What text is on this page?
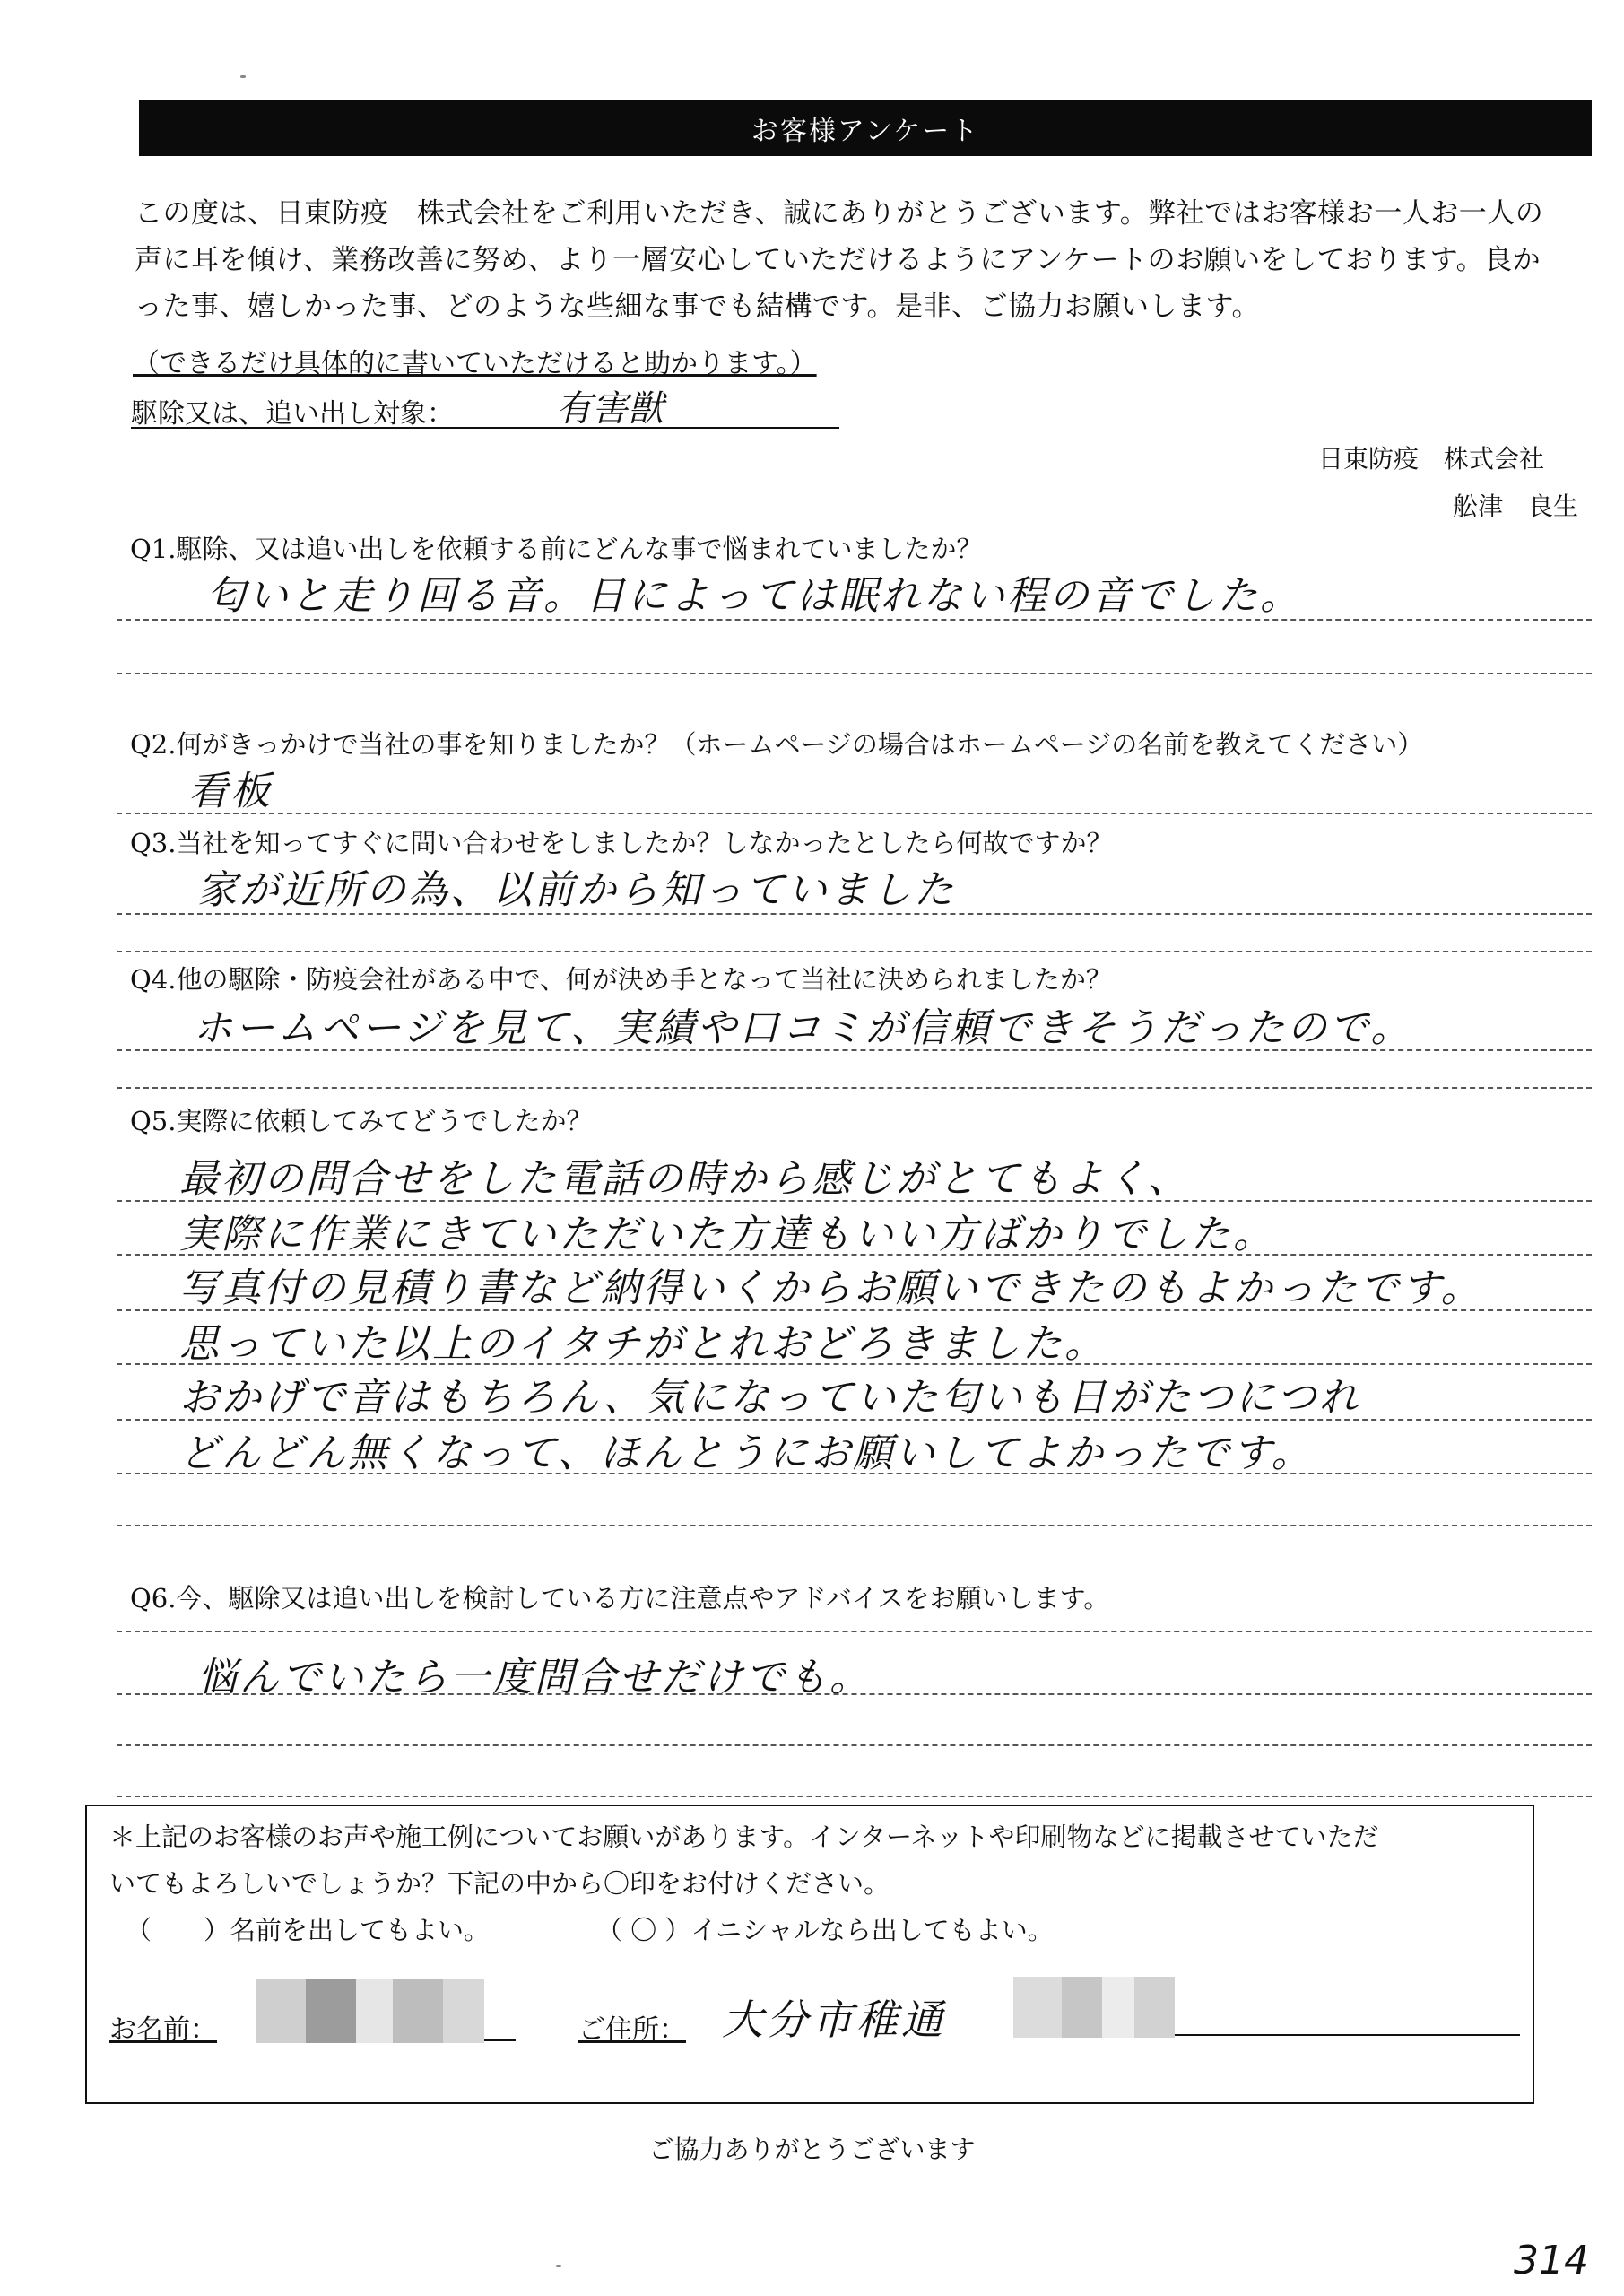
お客様アンケート
この度は、日東防疫　株式会社をご利用いただき、誠にありがとうございます。弊社ではお客様お一人お一人の
声に耳を傾け、業務改善に努め、より一層安心していただけるようにアンケートのお願いをしております。良か
った事、嬉しかった事、どのような些細な事でも結構です。是非、ご協力お願いします。
（できるだけ具体的に書いていただけると助かります。）
駆除又は、追い出し対象：	有害獣
日東防疫　株式会社
舩津　良生
Q1.駆除、又は追い出しを依頼する前にどんな事で悩まれていましたか？
匂いと走り回る音。日によっては眠れない程の音でした。
Q2.何がきっかけで当社の事を知りましたか？（ホームページの場合はホームページの名前を教えてください）
看板
Q3.当社を知ってすぐに問い合わせをしましたか？しなかったとしたら何故ですか？
家が近所の為、以前から知っていました
Q4.他の駆除・防疫会社がある中で、何が決め手となって当社に決められましたか？
ホームページを見て、実績や口コミが信頼できそうだったので。
Q5.実際に依頼してみてどうでしたか？
最初の問合せをした電話の時から感じがとてもよく、
実際に作業にきていただいた方達もいい方ばかりでした。
写真付の見積り書など納得いくからお願いできたのもよかったです。
思っていた以上のイタチがとれおどろきました。
おかげで音はもちろん、気になっていた匂いも日がたつにつれ
どんどん無くなって、ほんとうにお願いしてよかったです。
Q6.今、駆除又は追い出しを検討している方に注意点やアドバイスをお願いします。
悩んでいたら一度問合せだけでも。
＊上記のお客様のお声や施工例についてお願いがあります。インターネットや印刷物などに掲載させていただ
いてもよろしいでしょうか？下記の中から〇印をお付けください。
（　　）名前を出してもよい。	（ 〇 ）イニシャルなら出してもよい。
お名前：	ご住所： 大分市稚通
ご協力ありがとうございます
314
